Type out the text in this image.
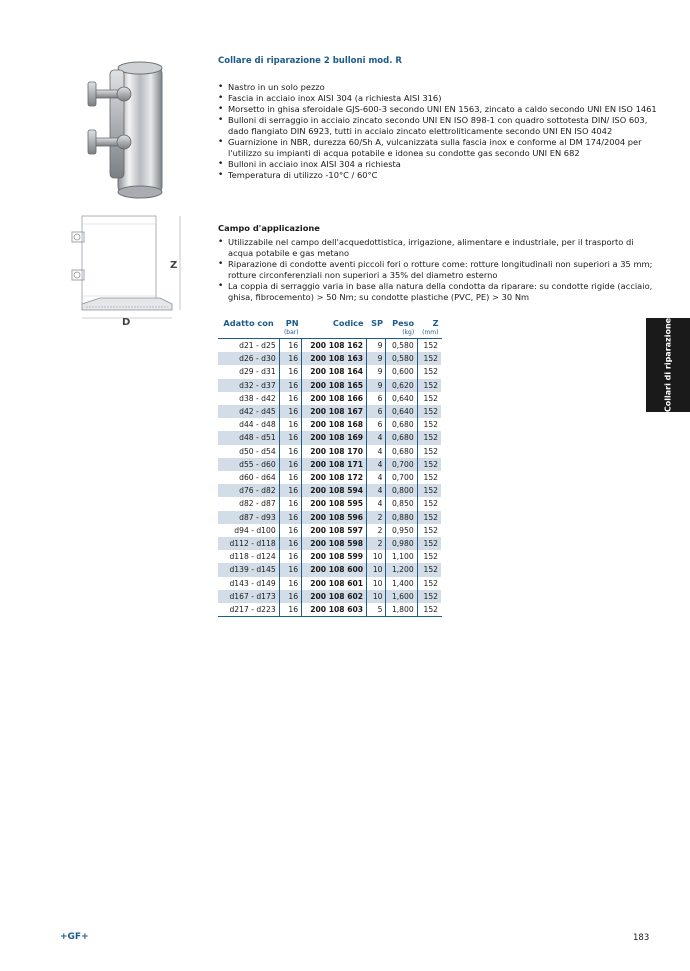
Collare di riparazione 2 bulloni mod. R
Z
D
• Nastro in un solo pezzo
• Fascia in acciaio inox AISI 304 (a richiesta AISI 316)
• Morsetto in ghisa sferoidale GJS-600-3 secondo UNI EN 1563, zincato a caldo secondo UNI EN ISO 1461
• Bulloni di serraggio in acciaio zincato secondo UNI EN ISO 898-1 con quadro sottotesta DIN/ ISO 603, dado flangiato DIN 6923, tutti in acciaio zincato elettroliticamente secondo UNI EN ISO 4042
• Guarnizione in NBR, durezza 60/Sh A, vulcanizzata sulla fascia inox e conforme al DM 174/2004 per l'utilizzo su impianti di acqua potabile e idonea su condotte gas secondo UNI EN 682
• Bulloni in acciaio inox AISI 304 a richiesta
• Temperatura di utilizzo -10°C / 60°C
Campo d'applicazione
• Utilizzabile nel campo dell'acquedottistica, irrigazione, alimentare e industriale, per il trasporto di acqua potabile e gas metano
• Riparazione di condotte aventi piccoli fori o rotture come: rotture longitudinali non superiori a 35 mm; rotture circonferenziali non superiori a 35% del diametro esterno
• La coppia di serraggio varia in base alla natura della condotta da riparare: su condotte rigide (acciaio, ghisa, fibrocemento) > 50 Nm; su condotte plastiche (PVC, PE) > 30 Nm
Adatto con	PN	Codice	SP	Peso	Z
	(bar)			(kg)	(mm)
d21 - d25	16	200 108 162	9	0,580	152
d26 - d30	16	200 108 163	9	0,580	152
d29 - d31	16	200 108 164	9	0,600	152
d32 - d37	16	200 108 165	9	0,620	152
d38 - d42	16	200 108 166	6	0,640	152
d42 - d45	16	200 108 167	6	0,640	152
d44 - d48	16	200 108 168	6	0,680	152
d48 - d51	16	200 108 169	4	0,680	152
d50 - d54	16	200 108 170	4	0,680	152
d55 - d60	16	200 108 171	4	0,700	152
d60 - d64	16	200 108 172	4	0,700	152
d76 - d82	16	200 108 594	4	0,800	152
d82 - d87	16	200 108 595	4	0,850	152
d87 - d93	16	200 108 596	2	0,880	152
d94 - d100	16	200 108 597	2	0,950	152
d112 - d118	16	200 108 598	2	0,980	152
d118 - d124	16	200 108 599	10	1,100	152
d139 - d145	16	200 108 600	10	1,200	152
d143 - d149	16	200 108 601	10	1,400	152
d167 - d173	16	200 108 602	10	1,600	152
d217 - d223	16	200 108 603	5	1,800	152
Collari di riparazione
+GF+	183
